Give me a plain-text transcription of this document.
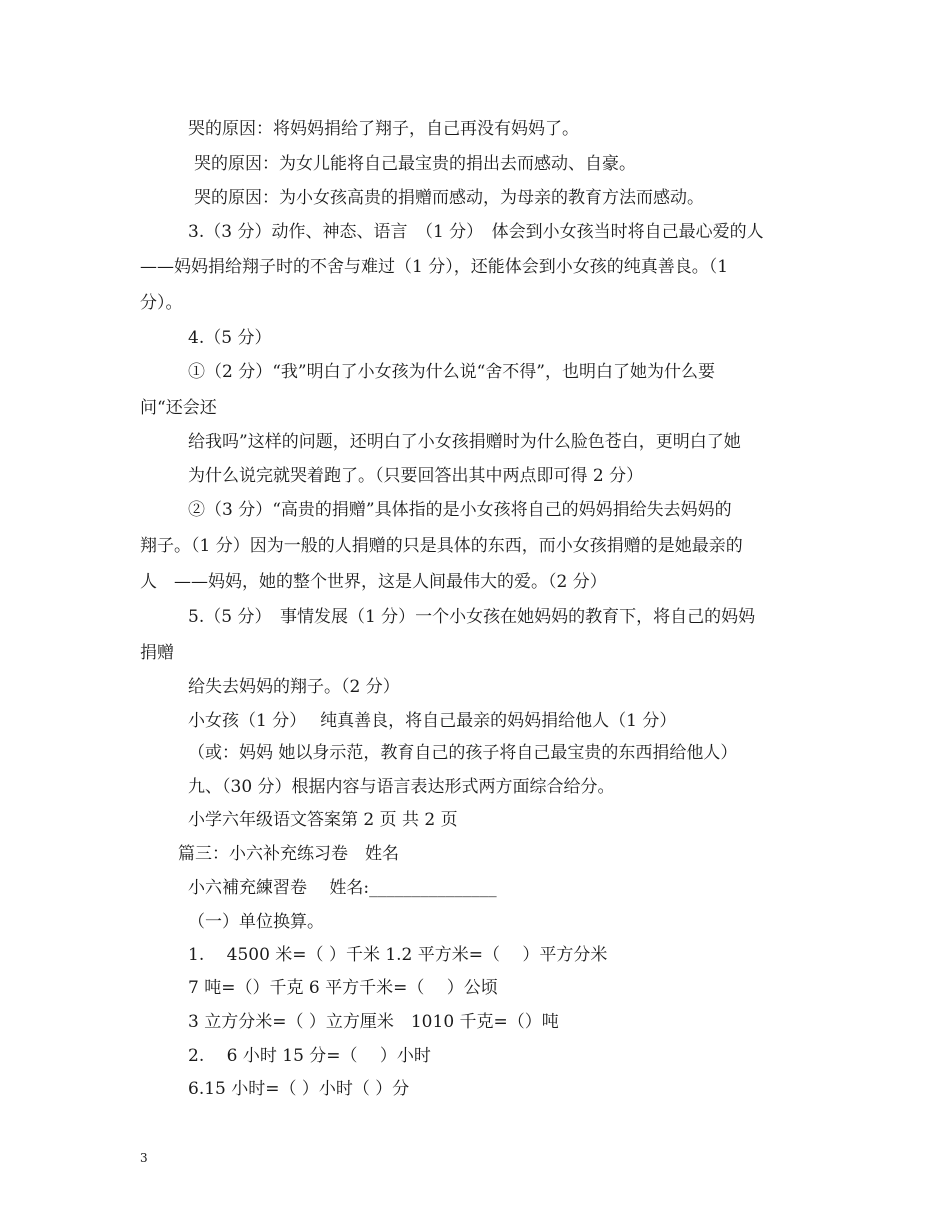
哭的原因：将妈妈捐给了翔子，自己再没有妈妈了。

哭的原因：为女儿能将自己最宝贵的捐出去而感动、自豪。

哭的原因：为小女孩高贵的捐赠而感动，为母亲的教育方法而感动。

3.（3 分）动作、神态、语言　（1 分）　体会到小女孩当时将自己最心爱的人

——妈妈捐给翔子时的不舍与难过（1 分），还能体会到小女孩的纯真善良。（1

分）。

4.（5 分）

①（2 分）“我”明白了小女孩为什么说“舍不得”，也明白了她为什么要

问“还会还

给我吗”这样的问题，还明白了小女孩捐赠时为什么脸色苍白，更明白了她

为什么说完就哭着跑了。（只要回答出其中两点即可得 2 分）

②（3 分）“高贵的捐赠”具体指的是小女孩将自己的妈妈捐给失去妈妈的

翔子。（1 分）因为一般的人捐赠的只是具体的东西，而小女孩捐赠的是她最亲的

人　——妈妈，她的整个世界，这是人间最伟大的爱。（2 分）

5.（5 分）　事情发展（1 分）一个小女孩在她妈妈的教育下，将自己的妈妈

捐赠

给失去妈妈的翔子。（2 分）

小女孩（1 分）　 纯真善良，将自己最亲的妈妈捐给他人（1 分）

（或：妈妈 她以身示范，教育自己的孩子将自己最宝贵的东西捐给他人）

九、（30 分）根据内容与语言表达形式两方面综合给分。

小学六年级语文答案第 2 页 共 2 页

篇三：小六补充练习卷　姓名

小六補充練習卷　 姓名:_______________

（一）单位换算。

1.　 4500 米=（ ）千米 1.2 平方米=（　 ）平方分米

7 吨=（）千克 6 平方千米=（　 ）公顷

3 立方分米=（ ）立方厘米　1010 千克=（）吨

2.　 6 小时 15 分=（　 ）小时

6.15 小时=（ ）小时（ ）分

3
